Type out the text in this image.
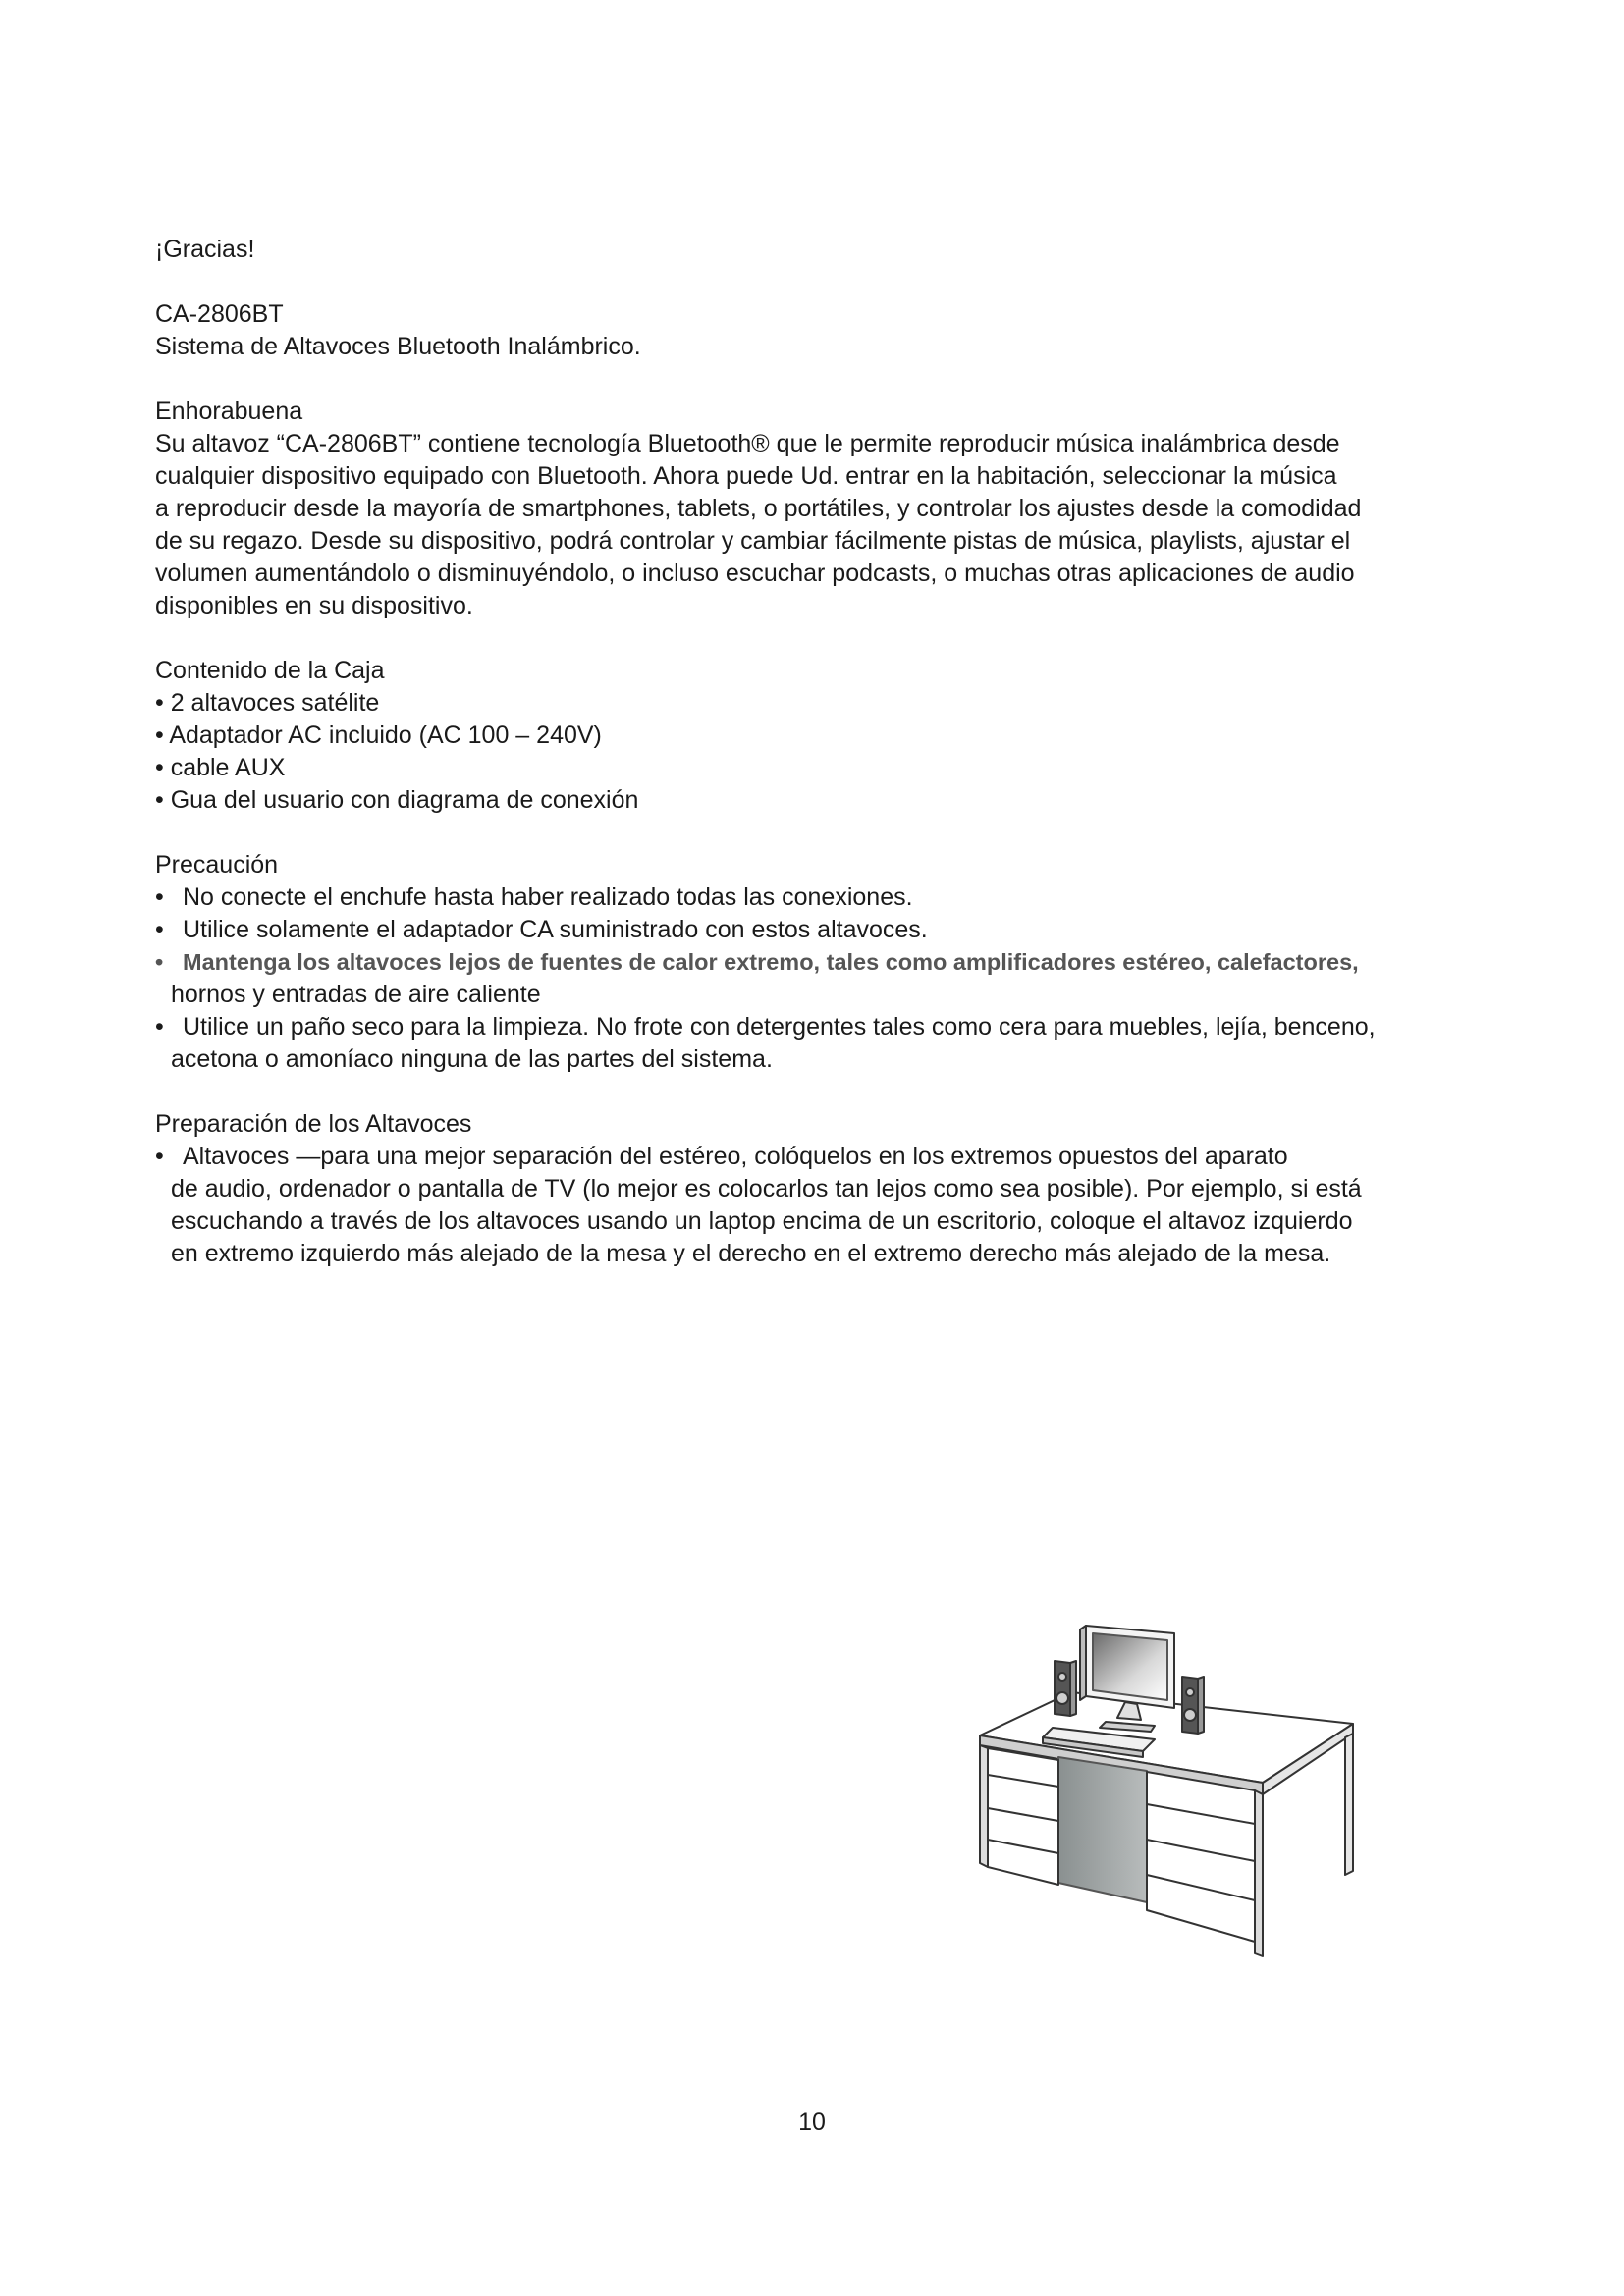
¡Gracias!

CA-2806BT
Sistema de Altavoces Bluetooth Inalámbrico.
Enhorabuena

Su altavoz “CA-2806BT” contiene tecnología Bluetooth® que le permite reproducir música inalámbrica desde
cualquier dispositivo equipado con Bluetooth. Ahora puede Ud. entrar en la habitación, seleccionar la música
a reproducir desde la mayoría de smartphones, tablets, o portátiles, y controlar los ajustes desde la comodidad
de su regazo. Desde su dispositivo, podrá controlar y cambiar fácilmente pistas de música, playlists, ajustar el
volumen aumentándolo o disminuyéndolo, o incluso escuchar podcasts, o muchas otras aplicaciones de audio
disponibles en su dispositivo.

Contenido de la Caja
• 2 altavoces satélite
• Adaptador AC incluido (AC 100 – 240V)
• cable AUX
• Gua del usuario con diagrama de conexión
Precaución
• No conecte el enchufe hasta haber realizado todas las conexiones.
• Utilice solamente el adaptador CA suministrado con estos altavoces.
• Mantenga los altavoces lejos de fuentes de calor extremo, tales como amplificadores estéreo, calefactores,
hornos y entradas de aire caliente
• Utilice un paño seco para la limpieza. No frote con detergentes tales como cera para muebles, lejía, benceno,
acetona o amoníaco ninguna de las partes del sistema.
Preparación de los Altavoces
• Altavoces —para una mejor separación del estéreo, colóquelos en los extremos opuestos del aparato
de audio, ordenador o pantalla de TV (lo mejor es colocarlos tan lejos como sea posible). Por ejemplo, si está
escuchando a través de los altavoces usando un laptop encima de un escritorio, coloque el altavoz izquierdo
en extremo izquierdo más alejado de la mesa y el derecho en el extremo derecho más alejado de la mesa.
10
